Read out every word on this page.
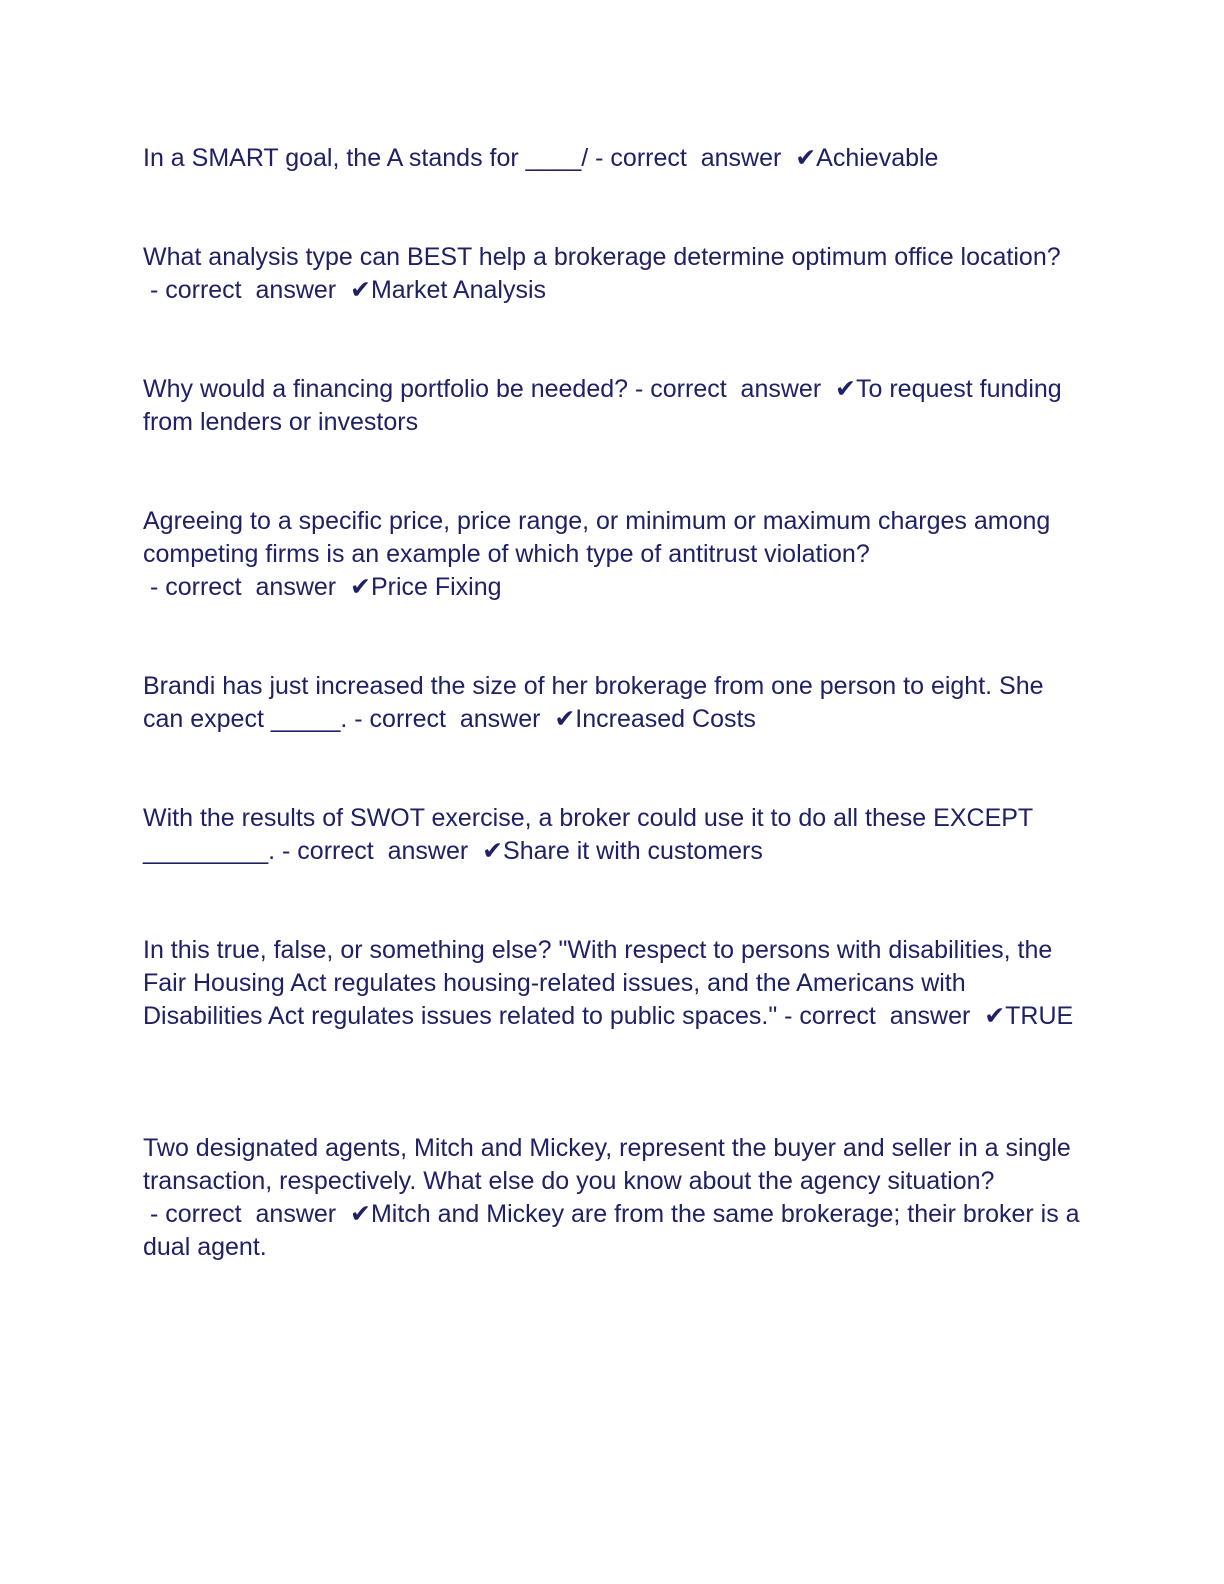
In a SMART goal, the A stands for ____/ - correct  answer  ✔Achievable

What analysis type can BEST help a brokerage determine optimum office location? - correct  answer  ✔Market Analysis

Why would a financing portfolio be needed? - correct  answer  ✔To request funding from lenders or investors

Agreeing to a specific price, price range, or minimum or maximum charges among competing firms is an example of which type of antitrust violation? - correct  answer  ✔Price Fixing

Brandi has just increased the size of her brokerage from one person to eight. She can expect _____. - correct  answer  ✔Increased Costs

With the results of SWOT exercise, a broker could use it to do all these EXCEPT _________. - correct  answer  ✔Share it with customers

In this true, false, or something else? "With respect to persons with disabilities, the Fair Housing Act regulates housing-related issues, and the Americans with Disabilities Act regulates issues related to public spaces." - correct  answer  ✔TRUE

Two designated agents, Mitch and Mickey, represent the buyer and seller in a single transaction, respectively. What else do you know about the agency situation? - correct  answer  ✔Mitch and Mickey are from the same brokerage; their broker is a dual agent.
